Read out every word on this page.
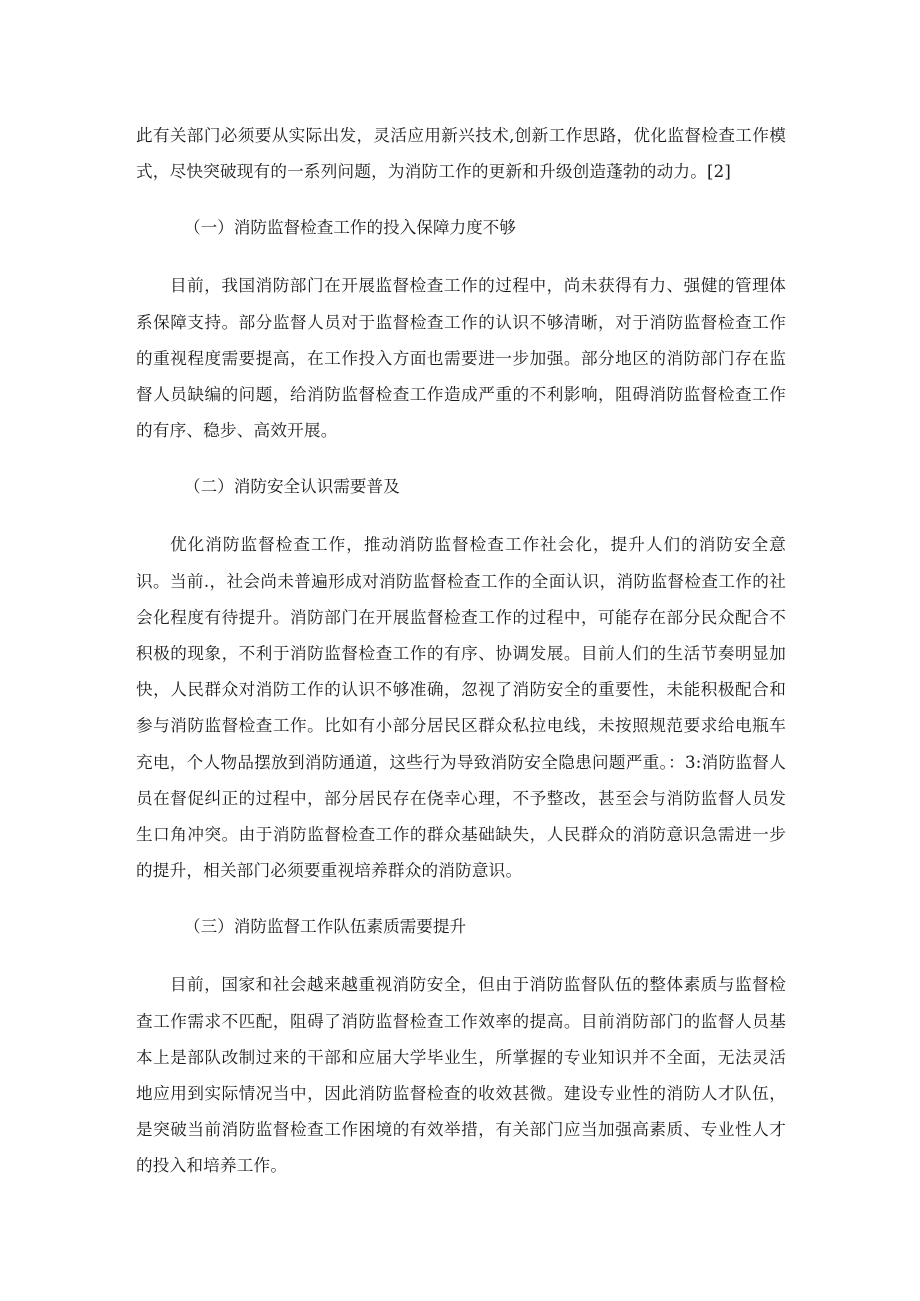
此有关部门必须要从实际出发，灵活应用新兴技术,创新工作思路，优化监督检查工作模式，尽快突破现有的一系列问题，为消防工作的更新和升级创造蓬勃的动力。[2]

（一）消防监督检查工作的投入保障力度不够

目前，我国消防部门在开展监督检查工作的过程中，尚未获得有力、强健的管理体系保障支持。部分监督人员对于监督检查工作的认识不够清晰，对于消防监督检查工作的重视程度需要提高，在工作投入方面也需要进一步加强。部分地区的消防部门存在监督人员缺编的问题，给消防监督检查工作造成严重的不利影响，阻碍消防监督检查工作的有序、稳步、高效开展。

（二）消防安全认识需要普及

优化消防监督检查工作，推动消防监督检查工作社会化，提升人们的消防安全意识。当前.，社会尚未普遍形成对消防监督检查工作的全面认识，消防监督检查工作的社会化程度有待提升。消防部门在开展监督检查工作的过程中，可能存在部分民众配合不积极的现象，不利于消防监督检查工作的有序、协调发展。目前人们的生活节奏明显加快，人民群众对消防工作的认识不够准确，忽视了消防安全的重要性，未能积极配合和参与消防监督检查工作。比如有小部分居民区群众私拉电线，未按照规范要求给电瓶车充电，个人物品摆放到消防通道，这些行为导致消防安全隐患问题严重。：3:消防监督人员在督促纠正的过程中，部分居民存在侥幸心理，不予整改，甚至会与消防监督人员发生口角冲突。由于消防监督检查工作的群众基础缺失，人民群众的消防意识急需进一步的提升，相关部门必须要重视培养群众的消防意识。

（三）消防监督工作队伍素质需要提升

目前，国家和社会越来越重视消防安全，但由于消防监督队伍的整体素质与监督检查工作需求不匹配，阻碍了消防监督检查工作效率的提高。目前消防部门的监督人员基本上是部队改制过来的干部和应届大学毕业生，所掌握的专业知识并不全面，无法灵活地应用到实际情况当中，因此消防监督检查的收效甚微。建设专业性的消防人才队伍，是突破当前消防监督检查工作困境的有效举措，有关部门应当加强高素质、专业性人才的投入和培养工作。
